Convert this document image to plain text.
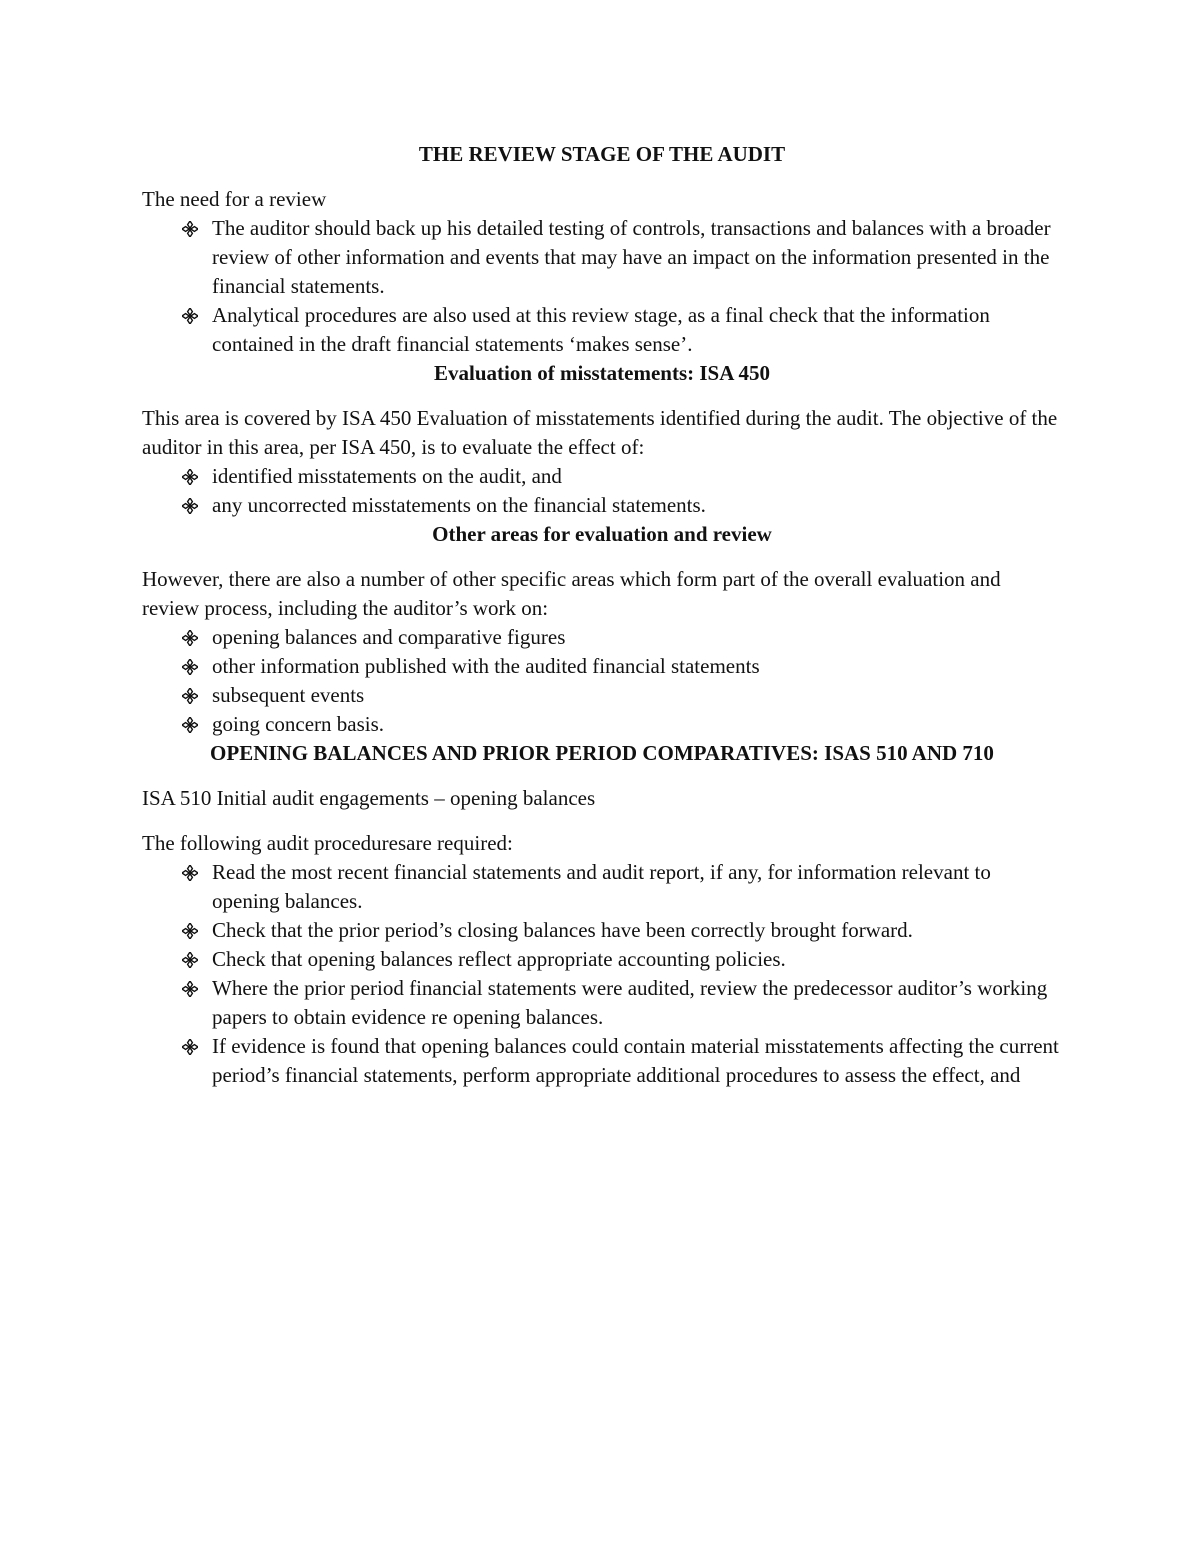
THE REVIEW STAGE OF THE AUDIT

The need for a review

The auditor should back up his detailed testing of controls, transactions and balances with a broader review of other information and events that may have an impact on the information presented in the financial statements.
Analytical procedures are also used at this review stage, as a final check that the information contained in the draft financial statements ‘makes sense’.
Evaluation of misstatements: ISA 450

This area is covered by ISA 450 Evaluation of misstatements identified during the audit. The objective of the auditor in this area, per ISA 450, is to evaluate the effect of:

identified misstatements on the audit, and
any uncorrected misstatements on the financial statements.
Other areas for evaluation and review

However, there are also a number of other specific areas which form part of the overall evaluation and review process, including the auditor’s work on:

opening balances and comparative figures
other information published with the audited financial statements
subsequent events
going concern basis.
OPENING BALANCES AND PRIOR PERIOD COMPARATIVES: ISAS 510 AND 710

ISA 510 Initial audit engagements – opening balances

The following audit proceduresare required:

Read the most recent financial statements and audit report, if any, for information relevant to opening balances.
Check that the prior period’s closing balances have been correctly brought forward.
Check that opening balances reflect appropriate accounting policies.
Where the prior period financial statements were audited, review the predecessor auditor’s working papers to obtain evidence re opening balances.
If evidence is found that opening balances could contain material misstatements affecting the current period’s financial statements, perform appropriate additional procedures to assess the effect, and
